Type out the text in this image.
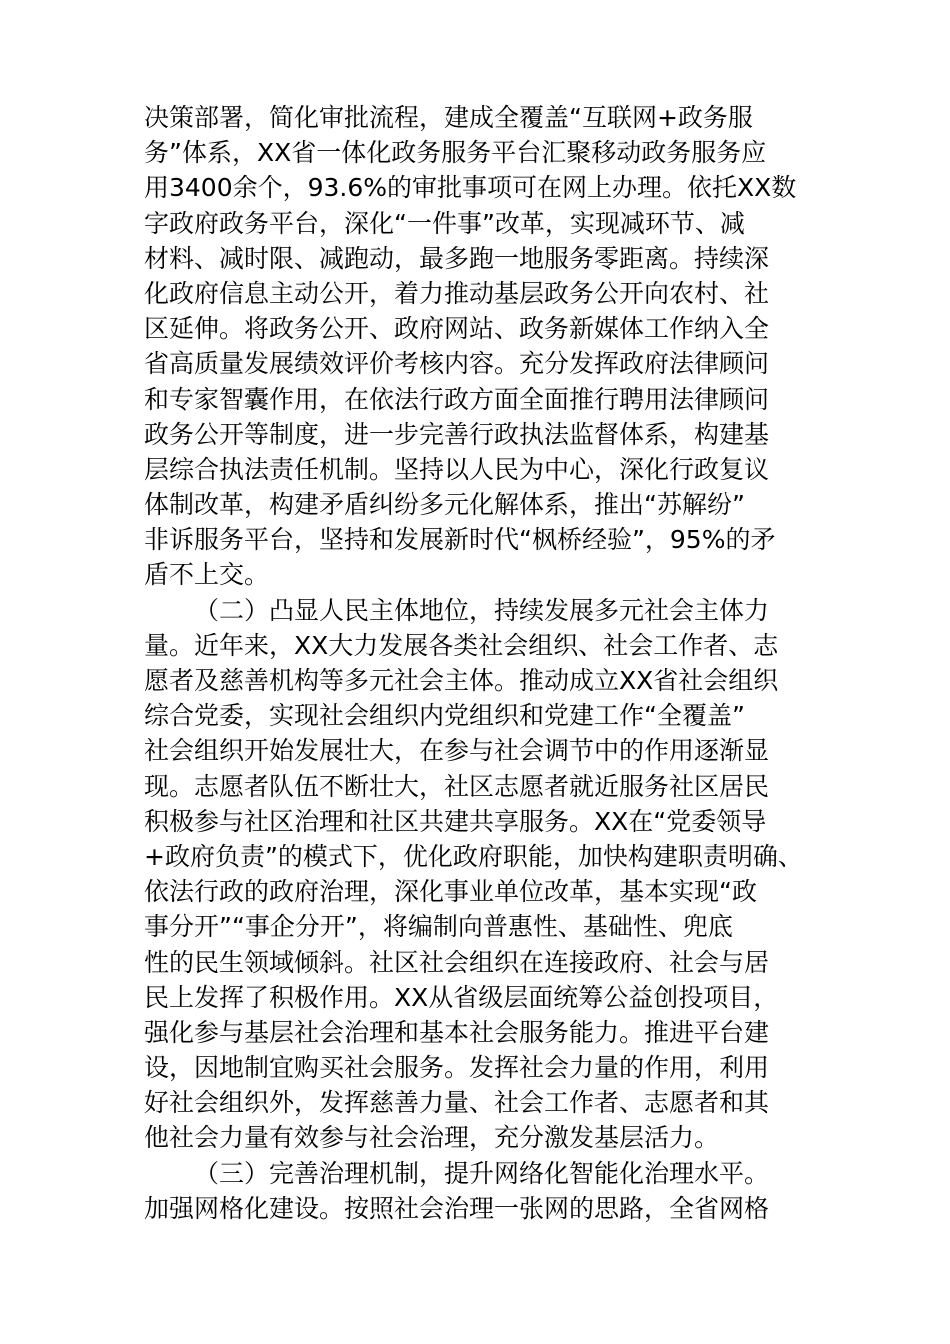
决策部署，简化审批流程，建成全覆盖“互联网+政务服
务”体系，XX省一体化政务服务平台汇聚移动政务服务应
用3400余个，93.6%的审批事项可在网上办理。依托XX数
字政府政务平台，深化“一件事”改革，实现减环节、减
材料、减时限、减跑动，最多跑一地服务零距离。持续深
化政府信息主动公开，着力推动基层政务公开向农村、社
区延伸。将政务公开、政府网站、政务新媒体工作纳入全
省高质量发展绩效评价考核内容。充分发挥政府法律顾问
和专家智囊作用，在依法行政方面全面推行聘用法律顾问
政务公开等制度，进一步完善行政执法监督体系，构建基
层综合执法责任机制。坚持以人民为中心，深化行政复议
体制改革，构建矛盾纠纷多元化解体系，推出“苏解纷”
非诉服务平台，坚持和发展新时代“枫桥经验”，95%的矛
盾不上交。
（二）凸显人民主体地位，持续发展多元社会主体力
量。近年来，XX大力发展各类社会组织、社会工作者、志
愿者及慈善机构等多元社会主体。推动成立XX省社会组织
综合党委，实现社会组织内党组织和党建工作“全覆盖”
社会组织开始发展壮大，在参与社会调节中的作用逐渐显
现。志愿者队伍不断壮大，社区志愿者就近服务社区居民
积极参与社区治理和社区共建共享服务。XX在“党委领导
+政府负责”的模式下，优化政府职能，加快构建职责明确、
依法行政的政府治理，深化事业单位改革，基本实现“政
事分开”“事企分开”，将编制向普惠性、基础性、兜底
性的民生领域倾斜。社区社会组织在连接政府、社会与居
民上发挥了积极作用。XX从省级层面统筹公益创投项目，
强化参与基层社会治理和基本社会服务能力。推进平台建
设，因地制宜购买社会服务。发挥社会力量的作用，利用
好社会组织外，发挥慈善力量、社会工作者、志愿者和其
他社会力量有效参与社会治理，充分激发基层活力。
（三）完善治理机制，提升网络化智能化治理水平。
加强网格化建设。按照社会治理一张网的思路，全省网格
